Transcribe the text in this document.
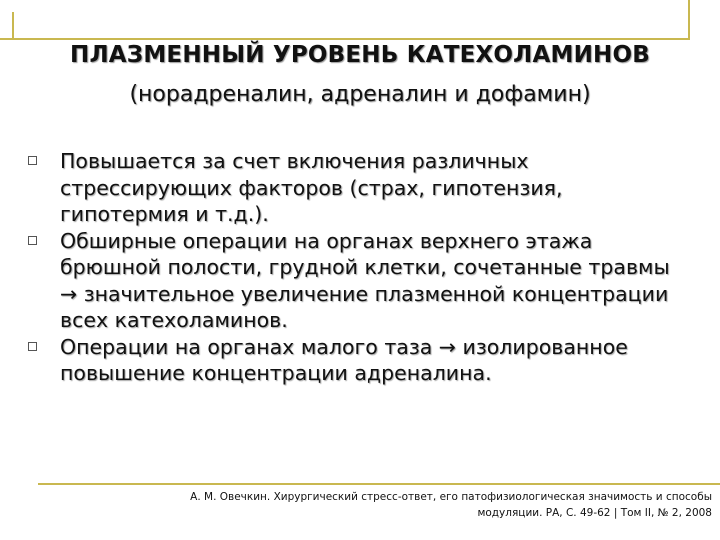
ПЛАЗМЕННЫЙ УРОВЕНЬ КАТЕХОЛАМИНОВ
(норадреналин, адреналин и дофамин)
Повышается за счет включения различных стрессирующих факторов (страх, гипотензия, гипотермия и т.д.).
Обширные операции на органах верхнего этажа брюшной полости, грудной клетки, сочетанные травмы → значительное увеличение плазменной концентрации всех катехоламинов.
Операции на органах малого таза → изолированное повышение концентрации адреналина.
А. М. Овечкин. Хирургический стресс-ответ, его патофизиологическая значимость и способы
модуляции. РА, С. 49-62 | Том II, № 2, 2008
